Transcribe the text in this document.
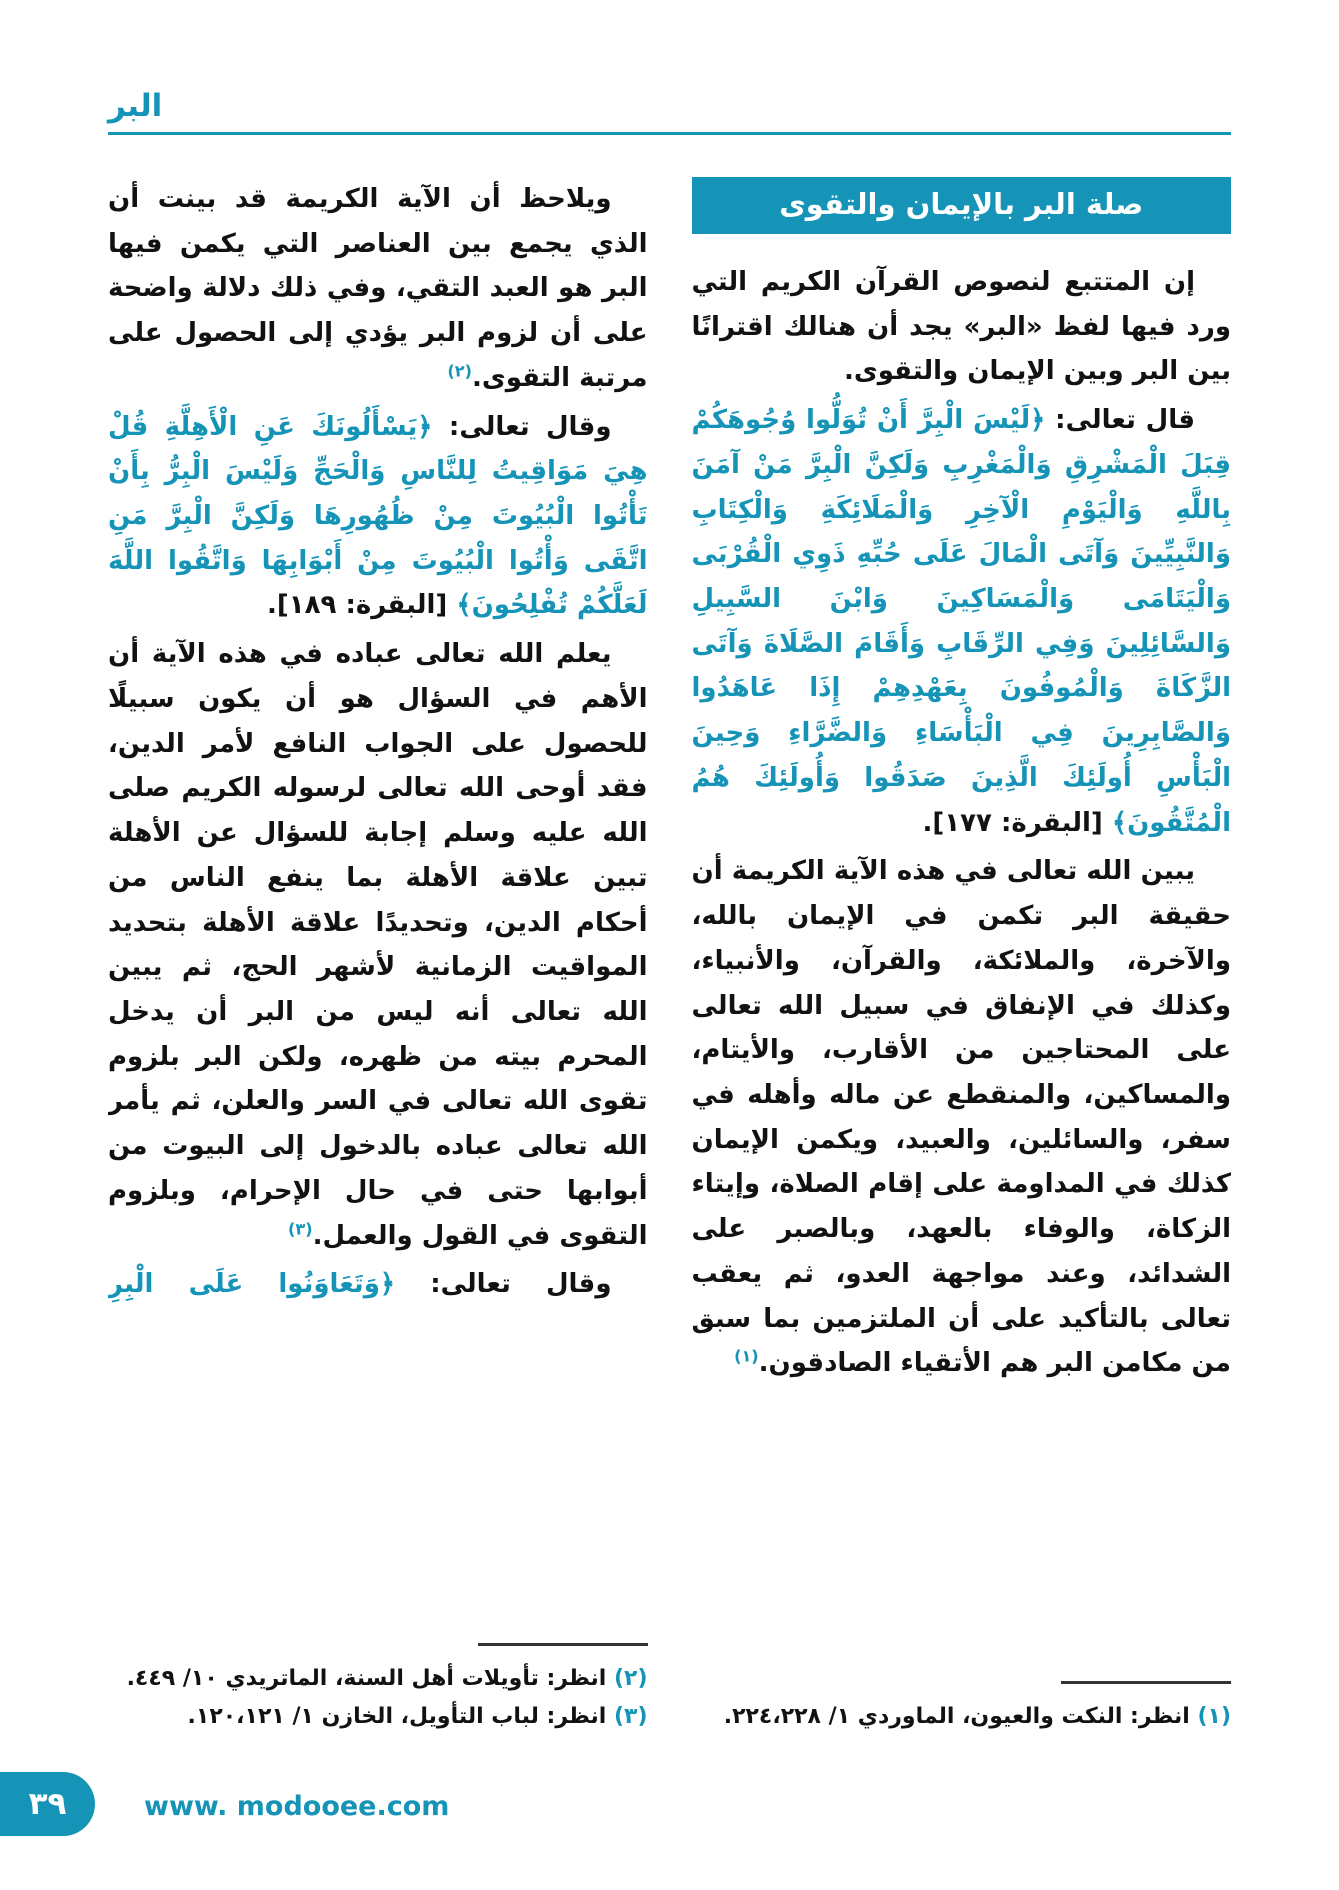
البر
صلة البر بالإيمان والتقوى

إن المتتبع لنصوص القرآن الكريم التي ورد فيها لفظ «البر» يجد أن هنالك اقترانًا بين البر وبين الإيمان والتقوى.

قال تعالى: ﴿لَيْسَ الْبِرَّ أَنْ تُوَلُّوا وُجُوهَكُمْ قِبَلَ الْمَشْرِقِ وَالْمَغْرِبِ وَلَكِنَّ الْبِرَّ مَنْ آمَنَ بِاللَّهِ وَالْيَوْمِ الْآخِرِ وَالْمَلَائِكَةِ وَالْكِتَابِ وَالنَّبِيِّينَ وَآتَى الْمَالَ عَلَى حُبِّهِ ذَوِي الْقُرْبَى وَالْيَتَامَى وَالْمَسَاكِينَ وَابْنَ السَّبِيلِ وَالسَّائِلِينَ وَفِي الرِّقَابِ وَأَقَامَ الصَّلَاةَ وَآتَى الزَّكَاةَ وَالْمُوفُونَ بِعَهْدِهِمْ إِذَا عَاهَدُوا وَالصَّابِرِينَ فِي الْبَأْسَاءِ وَالضَّرَّاءِ وَحِينَ الْبَأْسِ أُولَئِكَ الَّذِينَ صَدَقُوا وَأُولَئِكَ هُمُ الْمُتَّقُونَ﴾ [البقرة: ١٧٧].

يبين الله تعالى في هذه الآية الكريمة أن حقيقة البر تكمن في الإيمان بالله، والآخرة، والملائكة، والقرآن، والأنبياء، وكذلك في الإنفاق في سبيل الله تعالى على المحتاجين من الأقارب، والأيتام، والمساكين، والمنقطع عن ماله وأهله في سفر، والسائلين، والعبيد، ويكمن الإيمان كذلك في المداومة على إقام الصلاة، وإيتاء الزكاة، والوفاء بالعهد، وبالصبر على الشدائد، وعند مواجهة العدو، ثم يعقب تعالى بالتأكيد على أن الملتزمين بما سبق من مكامن البر هم الأتقياء الصادقون.$^{(١)}$

(١) انظر: النكت والعيون، الماوردي ١/ ٢٢٤،٢٢٨.

ويلاحظ أن الآية الكريمة قد بينت أن الذي يجمع بين العناصر التي يكمن فيها البر هو العبد التقي، وفي ذلك دلالة واضحة على أن لزوم البر يؤدي إلى الحصول على مرتبة التقوى.$^{(٢)}$

وقال تعالى: ﴿يَسْأَلُونَكَ عَنِ الْأَهِلَّةِ قُلْ هِيَ مَوَاقِيتُ لِلنَّاسِ وَالْحَجِّ وَلَيْسَ الْبِرُّ بِأَنْ تَأْتُوا الْبُيُوتَ مِنْ ظُهُورِهَا وَلَكِنَّ الْبِرَّ مَنِ اتَّقَى وَأْتُوا الْبُيُوتَ مِنْ أَبْوَابِهَا وَاتَّقُوا اللَّهَ لَعَلَّكُمْ تُفْلِحُونَ﴾ [البقرة: ١٨٩].

يعلم الله تعالى عباده في هذه الآية أن الأهم في السؤال هو أن يكون سبيلًا للحصول على الجواب النافع لأمر الدين، فقد أوحى الله تعالى لرسوله الكريم صلى الله عليه وسلم إجابة للسؤال عن الأهلة تبين علاقة الأهلة بما ينفع الناس من أحكام الدين، وتحديدًا علاقة الأهلة بتحديد المواقيت الزمانية لأشهر الحج، ثم يبين الله تعالى أنه ليس من البر أن يدخل المحرم بيته من ظهره، ولكن البر بلزوم تقوى الله تعالى في السر والعلن، ثم يأمر الله تعالى عباده بالدخول إلى البيوت من أبوابها حتى في حال الإحرام، وبلزوم التقوى في القول والعمل.$^{(٣)}$

وقال تعالى: ﴿وَتَعَاوَنُوا عَلَى الْبِرِ

(٢) انظر: تأويلات أهل السنة، الماتريدي ١٠/ ٤٤٩.

(٣) انظر: لباب التأويل، الخازن ١/ ١٢٠،١٢١.

٣٩	www. modooee.com
